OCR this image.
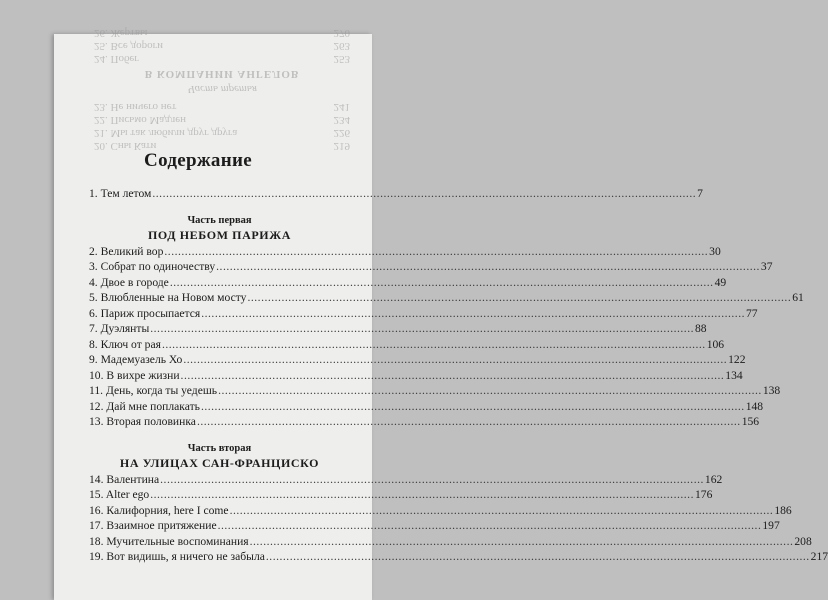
20. Сны Кати	219
21. Мы так любили друг друга	226
22. Письмо Мадлен	234
23. Не ничего нет	241
Часть третья
В КОМПАНИИ АНГЕЛОВ
24. Побег	253
25. Все дороги	263
26. Жертвы	270
Содержание
1. Тем летом .....	7
Часть первая
ПОД НЕБОМ ПАРИЖА
2. Великий вор .....	30
3. Собрат по одиночеству .....	37
4. Двое в городе .....	49
5. Влюбленные на Новом мосту .....	61
6. Париж просыпается .....	77
7. Дуэлянты .....	88
8. Ключ от рая .....	106
9. Мадемуазель Хо .....	122
10. В вихре жизни .....	134
11. День, когда ты уедешь .....	138
12. Дай мне поплакать .....	148
13. Вторая половинка .....	156
Часть вторая
НА УЛИЦАХ САН-ФРАНЦИСКО
14. Валентина .....	162
15. Alter ego .....	176
16. Калифорния, here I come .....	186
17. Взаимное притяжение .....	197
18. Мучительные воспоминания .....	208
19. Вот видишь, я ничего не забыла .....	217
